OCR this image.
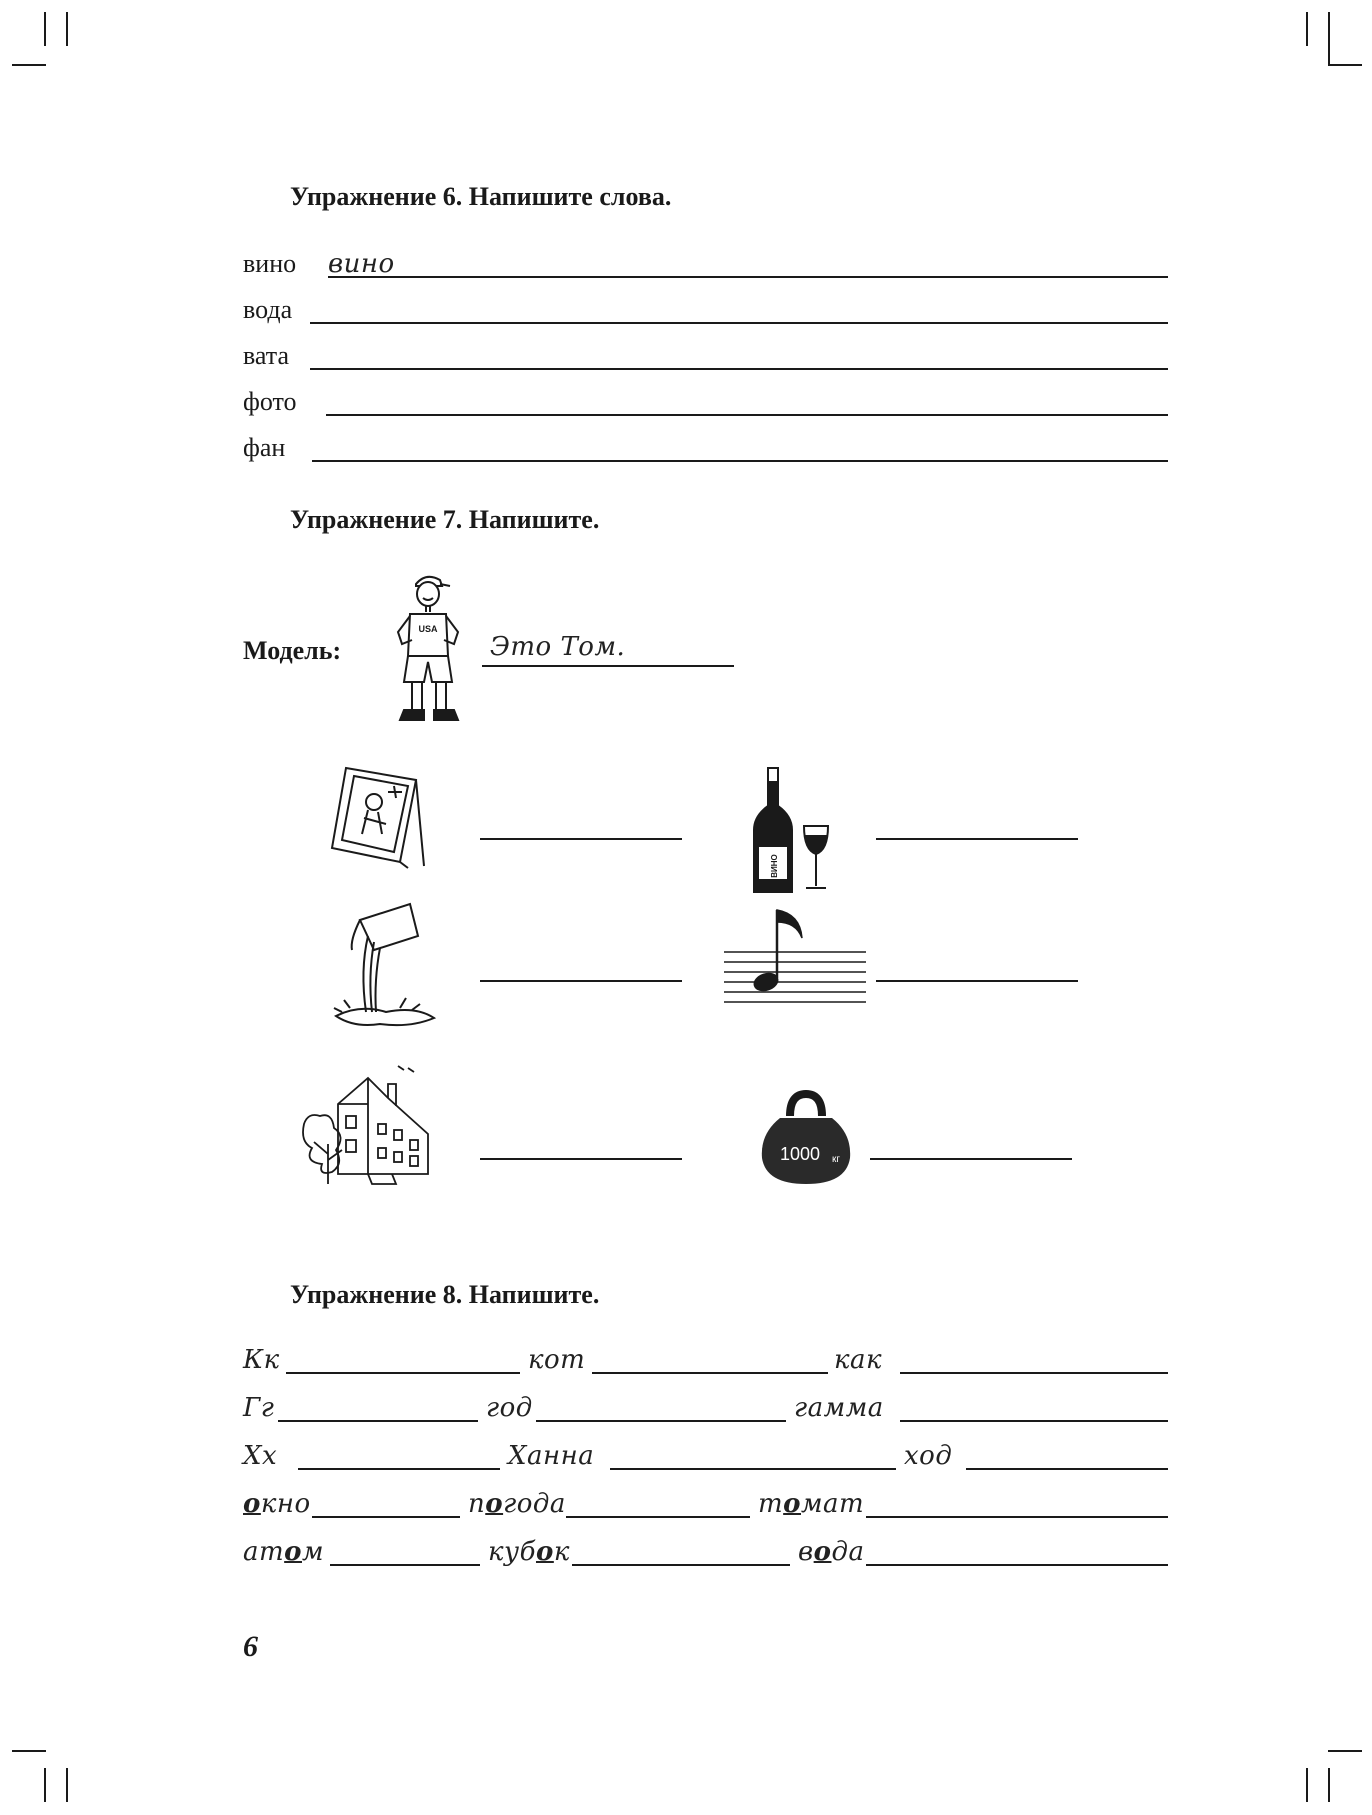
Упражнение 6. Напишите слова.
вино вино
вода
вата
фото
фан
Упражнение 7. Напишите.
Модель:
USA
Это Том.
ВИНО
1000 кг
Упражнение 8. Напишите.
Кк	кот	как
Гг	год	гамма
Хх	Ханна	ход
окно	погода	томат
атом	кубок	вода
6
